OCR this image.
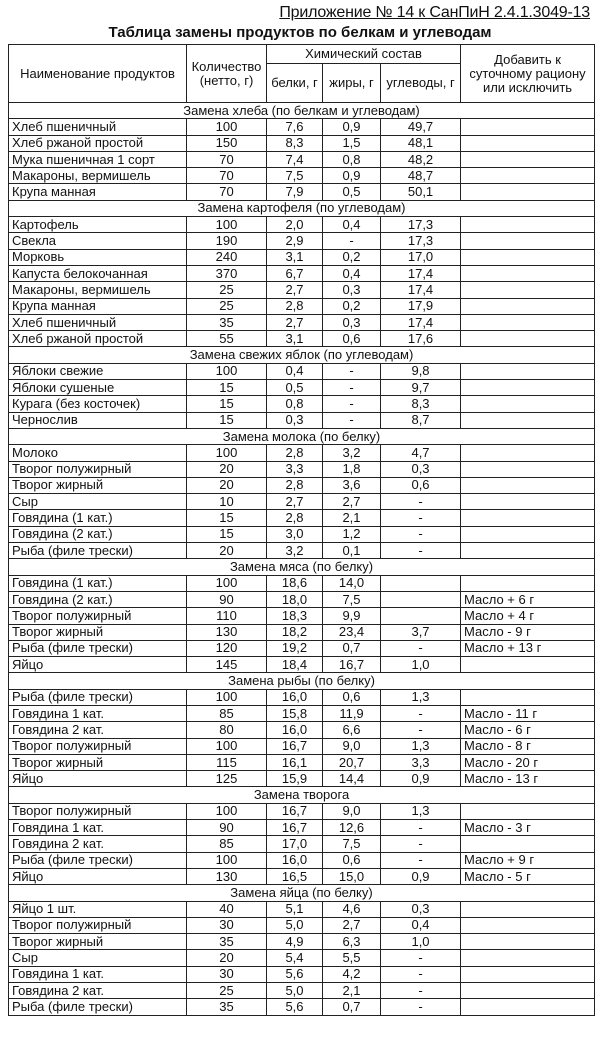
Приложение № 14 к СанПиН 2.4.1.3049-13
Таблица замены продуктов по белкам и углеводам
Наименование продуктов	Количество (нетто, г)	Химический состав			Добавить к суточному рациону или исключить
		белки, г	жиры, г	углеводы, г	
Замена хлеба (по белкам и углеводам)					
Хлеб пшеничный	100	7,6	0,9	49,7	
Хлеб ржаной простой	150	8,3	1,5	48,1	
Мука пшеничная 1 сорт	70	7,4	0,8	48,2	
Макароны, вермишель	70	7,5	0,9	48,7	
Крупа манная	70	7,9	0,5	50,1	
Замена картофеля (по углеводам)					
Картофель	100	2,0	0,4	17,3	
Свекла	190	2,9	-	17,3	
Морковь	240	3,1	0,2	17,0	
Капуста белокочанная	370	6,7	0,4	17,4	
Макароны, вермишель	25	2,7	0,3	17,4	
Крупа манная	25	2,8	0,2	17,9	
Хлеб пшеничный	35	2,7	0,3	17,4	
Хлеб ржаной простой	55	3,1	0,6	17,6	
Замена свежих яблок (по углеводам)					
Яблоки свежие	100	0,4	-	9,8	
Яблоки сушеные	15	0,5	-	9,7	
Курага (без косточек)	15	0,8	-	8,3	
Чернослив	15	0,3	-	8,7	
Замена молока (по белку)					
Молоко	100	2,8	3,2	4,7	
Творог полужирный	20	3,3	1,8	0,3	
Творог жирный	20	2,8	3,6	0,6	
Сыр	10	2,7	2,7	-	
Говядина (1 кат.)	15	2,8	2,1	-	
Говядина (2 кат.)	15	3,0	1,2	-	
Рыба (филе трески)	20	3,2	0,1	-	
Замена мяса (по белку)					
Говядина (1 кат.)	100	18,6	14,0		
Говядина (2 кат.)	90	18,0	7,5		Масло + 6 г
Творог полужирный	110	18,3	9,9		Масло + 4 г
Творог жирный	130	18,2	23,4	3,7	Масло - 9 г
Рыба (филе трески)	120	19,2	0,7	-	Масло + 13 г
Яйцо	145	18,4	16,7	1,0	
Замена рыбы (по белку)					
Рыба (филе трески)	100	16,0	0,6	1,3	
Говядина 1 кат.	85	15,8	11,9	-	Масло - 11 г
Говядина 2 кат.	80	16,0	6,6	-	Масло - 6 г
Творог полужирный	100	16,7	9,0	1,3	Масло - 8 г
Творог жирный	115	16,1	20,7	3,3	Масло - 20 г
Яйцо	125	15,9	14,4	0,9	Масло - 13 г
Замена творога					
Творог полужирный	100	16,7	9,0	1,3	
Говядина 1 кат.	90	16,7	12,6	-	Масло - 3 г
Говядина 2 кат.	85	17,0	7,5	-	
Рыба (филе трески)	100	16,0	0,6	-	Масло + 9 г
Яйцо	130	16,5	15,0	0,9	Масло - 5 г
Замена яйца (по белку)					
Яйцо 1 шт.	40	5,1	4,6	0,3	
Творог полужирный	30	5,0	2,7	0,4	
Творог жирный	35	4,9	6,3	1,0	
Сыр	20	5,4	5,5	-	
Говядина 1 кат.	30	5,6	4,2	-	
Говядина 2 кат.	25	5,0	2,1	-	
Рыба (филе трески)	35	5,6	0,7	-	
